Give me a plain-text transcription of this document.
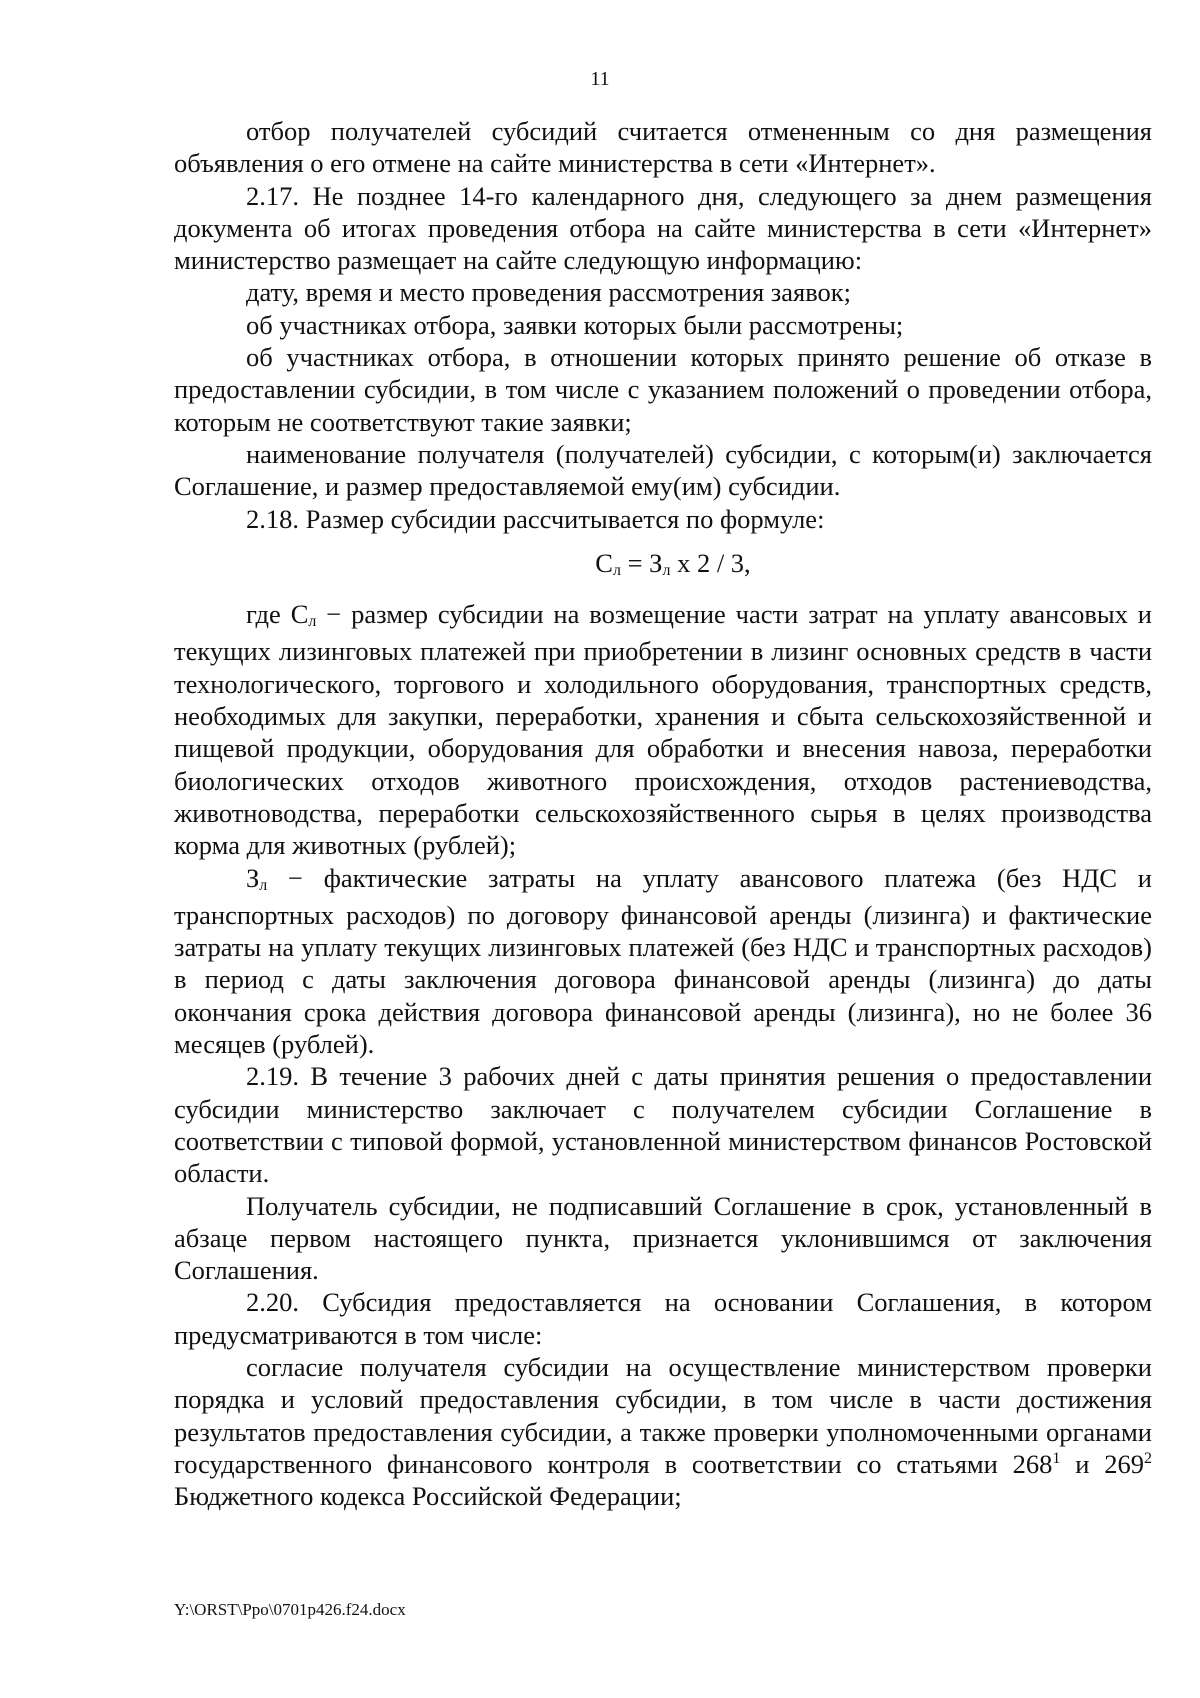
11

отбор получателей субсидий считается отмененным со дня размещения объявления о его отмене на сайте министерства в сети «Интернет».

2.17. Не позднее 14-го календарного дня, следующего за днем размещения документа об итогах проведения отбора на сайте министерства в сети «Интернет» министерство размещает на сайте следующую информацию:

дату, время и место проведения рассмотрения заявок;

об участниках отбора, заявки которых были рассмотрены;

об участниках отбора, в отношении которых принято решение об отказе в предоставлении субсидии, в том числе с указанием положений о проведении отбора, которым не соответствуют такие заявки;

наименование получателя (получателей) субсидии, с которым(и) заключается Соглашение, и размер предоставляемой ему(им) субсидии.

2.18. Размер субсидии рассчитывается по формуле:

Сл = Зл х 2 / 3,

где Сл − размер субсидии на возмещение части затрат на уплату авансовых и текущих лизинговых платежей при приобретении в лизинг основных средств в части технологического, торгового и холодильного оборудования, транспортных средств, необходимых для закупки, переработки, хранения и сбыта сельскохозяйственной и пищевой продукции, оборудования для обработки и внесения навоза, переработки биологических отходов животного происхождения, отходов растениеводства, животноводства, переработки сельскохозяйственного сырья в целях производства корма для животных (рублей);

Зл − фактические затраты на уплату авансового платежа (без НДС и транспортных расходов) по договору финансовой аренды (лизинга) и фактические затраты на уплату текущих лизинговых платежей (без НДС и транспортных расходов) в период с даты заключения договора финансовой аренды (лизинга) до даты окончания срока действия договора финансовой аренды (лизинга), но не более 36 месяцев (рублей).

2.19. В течение 3 рабочих дней с даты принятия решения о предоставлении субсидии министерство заключает с получателем субсидии Соглашение в соответствии с типовой формой, установленной министерством финансов Ростовской области.

Получатель субсидии, не подписавший Соглашение в срок, установленный в абзаце первом настоящего пункта, признается уклонившимся от заключения Соглашения.

2.20. Субсидия предоставляется на основании Соглашения, в котором предусматриваются в том числе:

согласие получателя субсидии на осуществление министерством проверки порядка и условий предоставления субсидии, в том числе в части достижения результатов предоставления субсидии, а также проверки уполномоченными органами государственного финансового контроля в соответствии со статьями $268^1$ и $269^2$ Бюджетного кодекса Российской Федерации;

Y:\ORST\Ppo\0701p426.f24.docx
